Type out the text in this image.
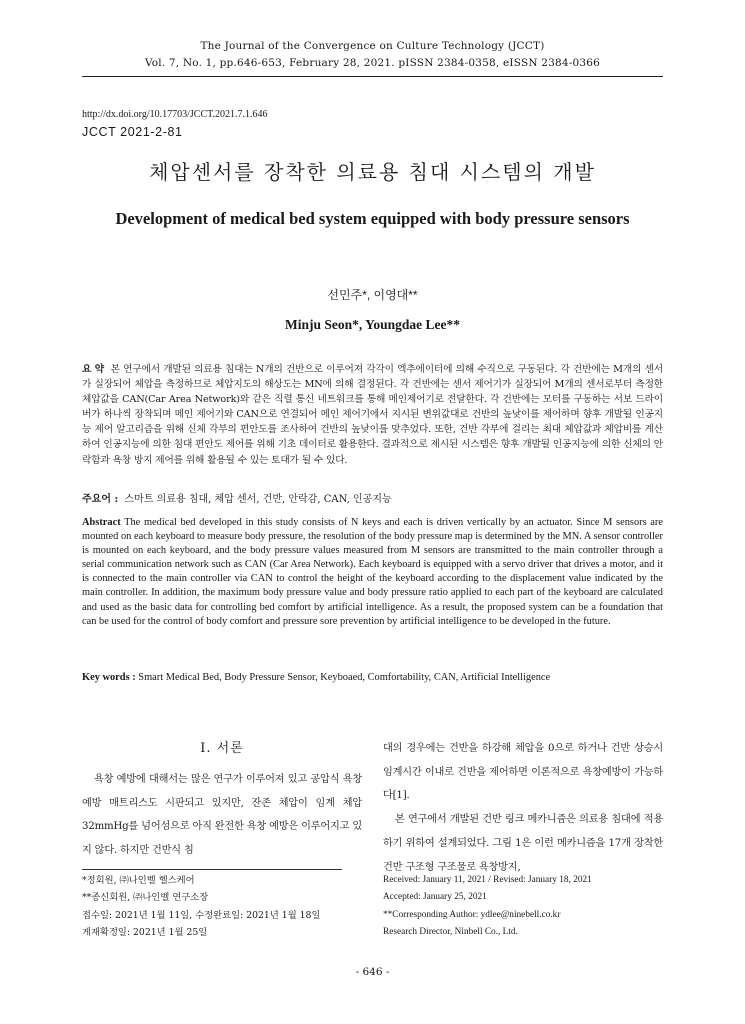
The Journal of the Convergence on Culture Technology (JCCT)
Vol. 7, No. 1, pp.646-653, February 28, 2021. pISSN 2384-0358, eISSN 2384-0366
http://dx.doi.org/10.17703/JCCT.2021.7.1.646
JCCT 2021-2-81
체압센서를 장착한 의료용 침대 시스템의 개발
Development of medical bed system equipped with body pressure sensors
선민주*, 이영대**
Minju Seon*, Youngdae Lee**
요 약 본 연구에서 개발된 의료용 침대는 N개의 건반으로 이루어져 각각이 엑추에이터에 의해 수직으로 구동된다. 각 건반에는 M개의 센서가 실장되어 체압을 측정하므로 체압지도의 해상도는 MN에 의해 결정된다. 각 건반에는 센서 제어기가 실장되어 M개의 센서로부터 측정한 체압값을 CAN(Car Area Network)와 같은 직렬 통신 네트워크를 통해 메인제어기로 전달한다. 각 건반에는 모터를 구동하는 서보 드라이버가 하나씩 장착되며 메인 제어기와 CAN으로 연결되어 메인 제어기에서 지시된 변위값대로 건반의 높낮이를 제어하며 향후 개발될 인공지능 제어 알고리즘을 위해 신체 각부의 편안도를 조사하여 건반의 높낮이를 맞추었다. 또한, 건반 각부에 걸리는 최대 체압값과 체압비를 계산하여 인공지능에 의한 침대 편안도 제어를 위해 기초 데이터로 활용한다. 결과적으로 제시된 시스템은 향후 개발될 인공지능에 의한 신체의 안락함과 욕창 방지 제어를 위해 활용될 수 있는 토대가 될 수 있다.
주요어 : 스마트 의료용 침대, 체압 센서, 건반, 안락감, CAN, 인공지능
Abstract The medical bed developed in this study consists of N keys and each is driven vertically by an actuator. Since M sensors are mounted on each keyboard to measure body pressure, the resolution of the body pressure map is determined by the MN. A sensor controller is mounted on each keyboard, and the body pressure values measured from M sensors are transmitted to the main controller through a serial communication network such as CAN (Car Area Network). Each keyboard is equipped with a servo driver that drives a motor, and it is connected to the main controller via CAN to control the height of the keyboard according to the displacement value indicated by the main controller. In addition, the maximum body pressure value and body pressure ratio applied to each part of the keyboard are calculated and used as the basic data for controlling bed comfort by artificial intelligence. As a result, the proposed system can be a foundation that can be used for the control of body comfort and pressure sore prevention by artificial intelligence to be developed in the future.
Key words : Smart Medical Bed, Body Pressure Sensor, Keyboaed, Comfortability, CAN, Artificial Intelligence
Ⅰ. 서론

욕창 예방에 대해서는 많은 연구가 이루어져 있고 공압식 욕창 예방 매트리스도 시판되고 있지만, 잔존 체압이 임계 체압 32mmHg를 넘어섬으로 아직 완전한 욕창 예방은 이루어지고 있지 않다. 하지만 건반식 침

대의 경우에는 건반을 하강해 체압을 0으로 하거나 건반 상승시 임계시간 이내로 건반을 제어하면 이론적으로 욕창예방이 가능하다[1].

본 연구에서 개발된 건반 링크 메카니즘은 의료용 침대에 적용하기 위하여 설계되었다. 그림 1은 이런 메카니즘을 17개 장착한 건반 구조형 구조물로 욕창방지,

*정회원, ㈜나인벨 헬스케어
**종신회원, ㈜나인벨 연구소장
접수일: 2021년 1월 11일, 수정완료일: 2021년 1월 18일
게재확정일: 2021년 1월 25일
Received: January 11, 2021 / Revised: January 18, 2021
Accepted: January 25, 2021
**Corresponding Author: ydlee@ninebell.co.kr
Research Director, Ninbell Co., Ltd.
- 646 -
